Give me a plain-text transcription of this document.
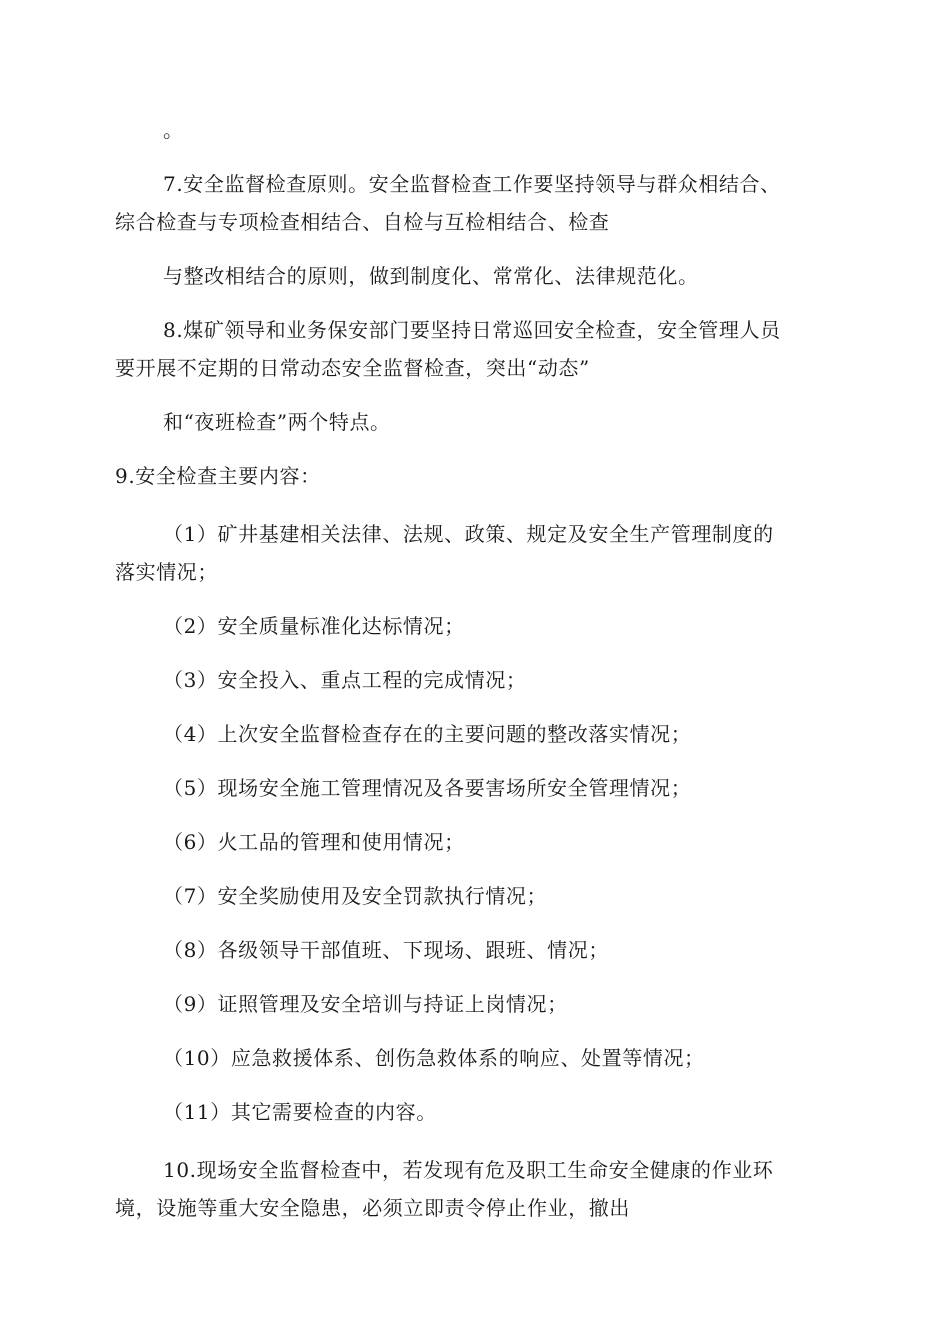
。
7.安全监督检查原则。安全监督检查工作要坚持领导与群众相结合、
综合检查与专项检查相结合、自检与互检相结合、检查
与整改相结合的原则，做到制度化、常常化、法律规范化。
8.煤矿领导和业务保安部门要坚持日常巡回安全检查，安全管理人员
要开展不定期的日常动态安全监督检查，突出“动态”
和“夜班检查”两个特点。
9.安全检查主要内容：
（1）矿井基建相关法律、法规、政策、规定及安全生产管理制度的
落实情况；
（2）安全质量标准化达标情况；
（3）安全投入、重点工程的完成情况；
（4）上次安全监督检查存在的主要问题的整改落实情况；
（5）现场安全施工管理情况及各要害场所安全管理情况；
（6）火工品的管理和使用情况；
（7）安全奖励使用及安全罚款执行情况；
（8）各级领导干部值班、下现场、跟班、情况；
（9）证照管理及安全培训与持证上岗情况；
（10）应急救援体系、创伤急救体系的响应、处置等情况；
（11）其它需要检查的内容。
10.现场安全监督检查中，若发现有危及职工生命安全健康的作业环
境，设施等重大安全隐患，必须立即责令停止作业，撤出
